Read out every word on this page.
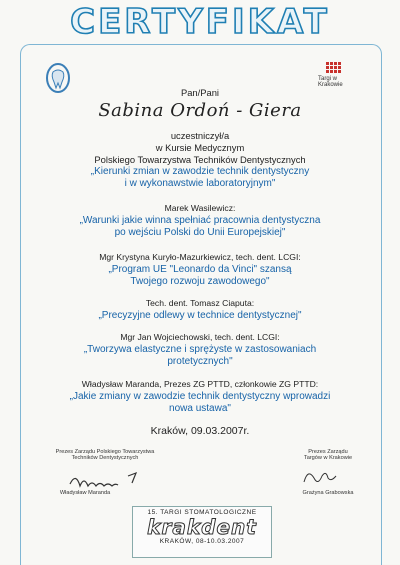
CERTYFIKAT
Targi w Krakowie
Pan/Pani
Sabina Ordoń - Giera
uczestniczył/a
w Kursie Medycznym
Polskiego Towarzystwa Techników Dentystycznych
„Kierunki zmian w zawodzie technik dentystyczny
i w wykonawstwie laboratoryjnym"
Marek Wasilewicz:
„Warunki jakie winna spełniać pracownia dentystyczna
po wejściu Polski do Unii Europejskiej"
Mgr Krystyna Kuryło-Mazurkiewicz, tech. dent. LCGI:
„Program UE "Leonardo da Vinci" szansą
Twojego rozwoju zawodowego"
Tech. dent. Tomasz Ciaputa:
„Precyzyjne odlewy w technice dentystycznej"
Mgr Jan Wojciechowski, tech. dent. LCGI:
„Tworzywa elastyczne i sprężyste w zastosowaniach
protetycznych"
Władysław Maranda, Prezes ZG PTTD, członkowie ZG PTTD:
„Jakie zmiany w zawodzie technik dentystyczny wprowadzi
nowa ustawa"
Kraków, 09.03.2007r.
Prezes Zarządu Polskiego Towarzystwa
Techników Dentystycznych
Władysław Maranda
Prezes Zarządu
Targów w Krakowie
Grażyna Grabowska
15. TARGI STOMATOLOGICZNE
krakdent
KRAKÓW, 08-10.03.2007
